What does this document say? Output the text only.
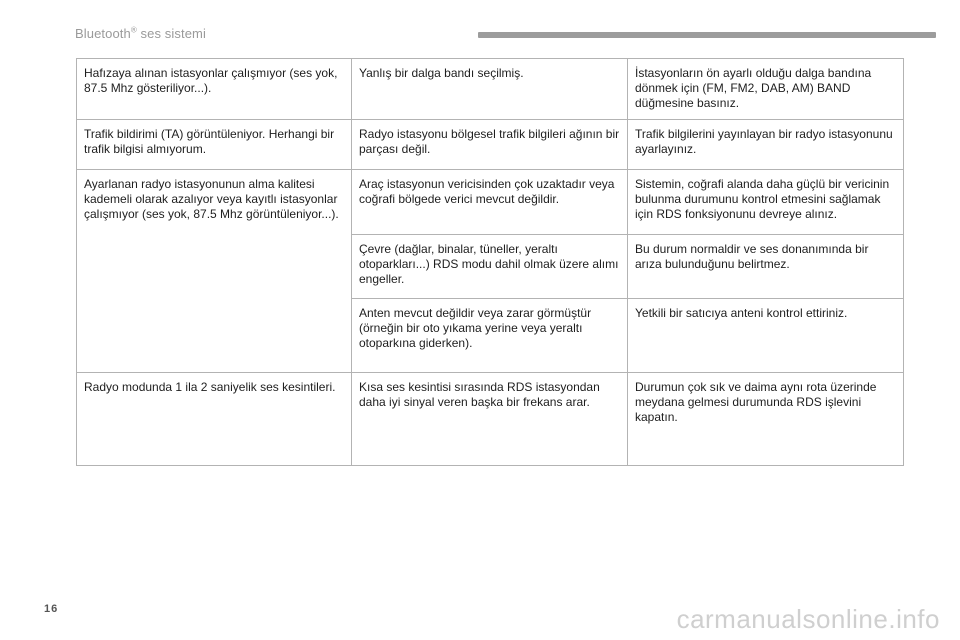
Bluetooth® ses sistemi
Hafızaya alınan istasyonlar çalışmıyor (ses yok, 87.5 Mhz gösteriliyor...).	Yanlış bir dalga bandı seçilmiş.	İstasyonların ön ayarlı olduğu dalga bandına dönmek için (FM, FM2, DAB, AM) BAND düğmesine basınız.
Trafik bildirimi (TA) görüntüleniyor. Herhangi bir trafik bilgisi almıyorum.	Radyo istasyonu bölgesel trafik bilgileri ağının bir parçası değil.	Trafik bilgilerini yayınlayan bir radyo istasyonunu ayarlayınız.
Ayarlanan radyo istasyonunun alma kalitesi kademeli olarak azalıyor veya kayıtlı istasyonlar çalışmıyor (ses yok, 87.5 Mhz görüntüleniyor...).	Araç istasyonun vericisinden çok uzaktadır veya coğrafi bölgede verici mevcut değildir.	Sistemin, coğrafi alanda daha güçlü bir vericinin bulunma durumunu kontrol etmesini sağlamak için RDS fonksiyonunu devreye alınız.
	Çevre (dağlar, binalar, tüneller, yeraltı otoparkları...) RDS modu dahil olmak üzere alımı engeller.	Bu durum normaldir ve ses donanımında bir arıza bulunduğunu belirtmez.
	Anten mevcut değildir veya zarar görmüştür (örneğin bir oto yıkama yerine veya yeraltı otoparkına giderken).	Yetkili bir satıcıya anteni kontrol ettiriniz.
Radyo modunda 1 ila 2 saniyelik ses kesintileri.	Kısa ses kesintisi sırasında RDS istasyondan daha iyi sinyal veren başka bir frekans arar.	Durumun çok sık ve daima aynı rota üzerinde meydana gelmesi durumunda RDS işlevini kapatın.
16	carmanualsonline.info
